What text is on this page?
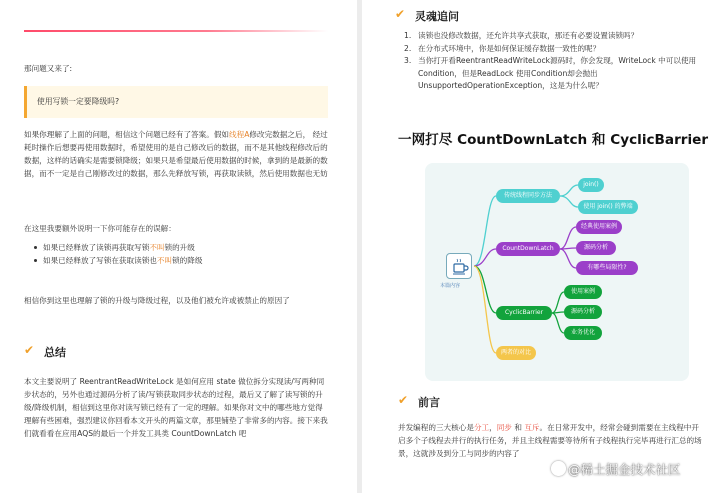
那问题又来了:
使用写锁一定要降级吗?
如果你理解了上面的问题，相信这个问题已经有了答案。假如线程A修改完数据之后， 经过耗时操作后想要再使用数据时，希望使用的是自己修改后的数据，而不是其他线程修改后的数据，这样的话确实是需要锁降级；如果只是希望最后使用数据的时候，拿到的是最新的数据，而不一定是自己刚修改过的数据，那么先释放写锁，再获取读锁，然后使用数据也无妨
在这里我要额外说明一下你可能存在的误解：
如果已经释放了读锁再获取写锁不叫锁的升级
如果已经释放了写锁在获取读锁也不叫锁的降级
相信你到这里也理解了锁的升级与降级过程，以及他们被允许或被禁止的原因了
✔ 总结
本文主要说明了 ReentrantReadWriteLock 是如何应用 state 做位拆分实现读/写两种同步状态的，另外也通过源码分析了读/写锁获取同步状态的过程，最后又了解了读写锁的升级/降级机制，相信到这里你对读写锁已经有了一定的理解。如果你对文中的哪些地方觉得理解有些困难，强烈建议你回看本文开头的两篇文章，那里铺垫了非常多的内容。接下来我们就看看在应用AQS的最后一个并发工具类 CountDownLatch 吧
✔ 灵魂追问
1. 读锁也没修改数据，还允许共享式获取，那还有必要设置读锁吗？
2. 在分布式环境中，你是如何保证缓存数据一致性的呢？
3. 当你打开看ReentrantReadWriteLock源码时，你会发现，WriteLock 中可以使用 Condition，但是ReadLock 使用Condition却会抛出UnsupportedOperationException，这是为什么呢？
一网打尽 CountDownLatch 和 CyclicBarrier
本篇内容
传统线程同步方法
join()
使用 join() 的弊端
CountDownLatch
经典使用案例
源码分析
有哪些局限性?
CyclicBarrier
使用案例
源码分析
业务优化
两者的对比
✔ 前言
并发编程的三大核心是分工，同步 和 互斥。在日常开发中，经常会碰到需要在主线程中开启多个子线程去并行的执行任务，并且主线程需要等待所有子线程执行完毕再进行汇总的场景，这就涉及到分工与同步的内容了
@稀土掘金技术社区
